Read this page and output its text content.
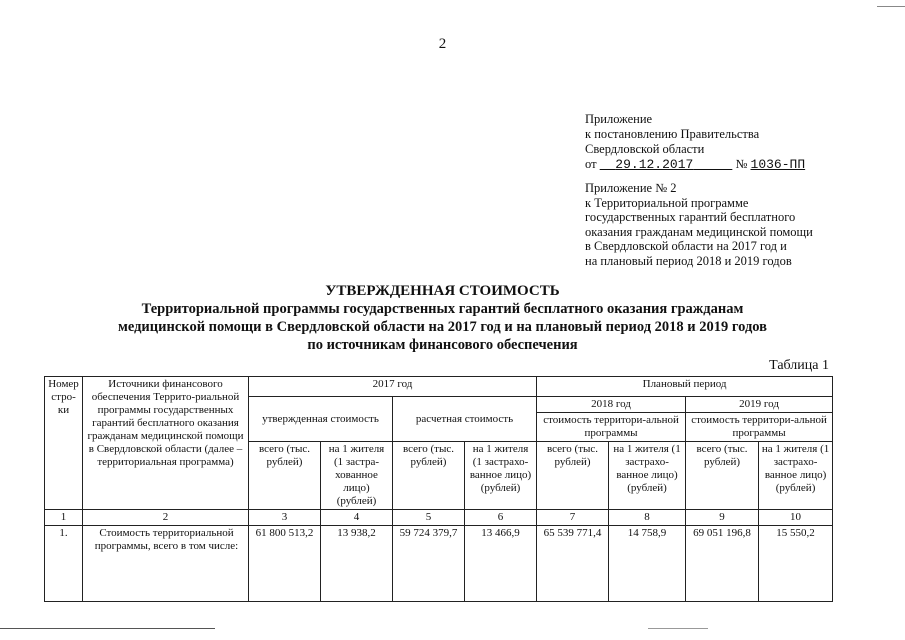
2
Приложение
к постановлению Правительства
Свердловской области
от 29.12.2017	№ 1036-ПП
Приложение № 2
к Территориальной программе
государственных гарантий бесплатного
оказания гражданам медицинской помощи
в Свердловской области на 2017 год и
на плановый период 2018 и 2019 годов
УТВЕРЖДЕННАЯ СТОИМОСТЬ
Территориальной программы государственных гарантий бесплатного оказания гражданам
медицинской помощи в Свердловской области на 2017 год и на плановый период 2018 и 2019 годов
по источникам финансового обеспечения
Таблица 1
Номер стро-ки	Источники финансового обеспечения Террито-риальной программы государственных гарантий бесплатного оказания гражданам медицинской помощи в Свердловской области (далее – территориальная программа)	2017 год				Плановый период			
		утвержденная стоимость		расчетная стоимость		2018 год		2019 год	
						стоимость территори-альной программы		стоимость территори-альной программы	
		всего (тыс. рублей)	на 1 жителя (1 застра-хованное лицо) (рублей)	всего (тыс. рублей)	на 1 жителя (1 застрахо-ванное лицо) (рублей)	всего (тыс. рублей)	на 1 жителя (1 застрахо-ванное лицо) (рублей)	всего (тыс. рублей)	на 1 жителя (1 застрахо-ванное лицо) (рублей)
1	2	3	4	5	6	7	8	9	10
1.	Стоимость территориальной программы, всего в том числе:	61 800 513,2	13 938,2	59 724 379,7	13 466,9	65 539 771,4	14 758,9	69 051 196,8	15 550,2
